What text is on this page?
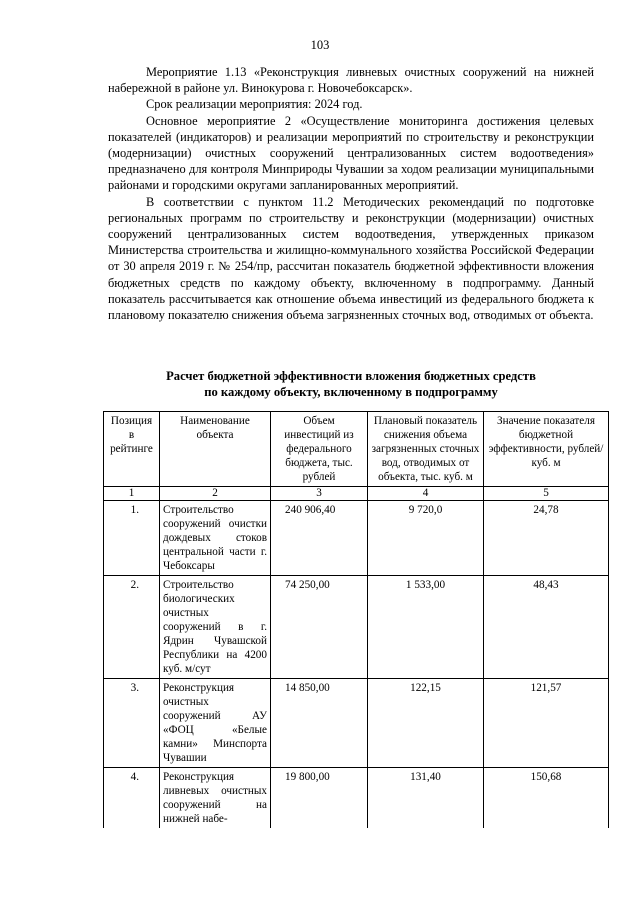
103

Мероприятие 1.13 «Реконструкция ливневых очистных сооружений на нижней набережной в районе ул. Винокурова г. Новочебоксарск».

Срок реализации мероприятия: 2024 год.

Основное мероприятие 2 «Осуществление мониторинга достижения целевых показателей (индикаторов) и реализации мероприятий по строительству и реконструкции (модернизации) очистных сооружений централизованных систем водоотведения» предназначено для контроля Минприроды Чувашии за ходом реализации муниципальными районами и городскими округами запланированных мероприятий.

В соответствии с пунктом 11.2 Методических рекомендаций по подготовке региональных программ по строительству и реконструкции (модернизации) очистных сооружений централизованных систем водоотведения, утвержденных приказом Министерства строительства и жилищно-коммунального хозяйства Российской Федерации от 30 апреля 2019 г. № 254/пр, рассчитан показатель бюджетной эффективности вложения бюджетных средств по каждому объекту, включенному в подпрограмму. Данный показатель рассчитывается как отношение объема инвестиций из федерального бюджета к плановому показателю снижения объема загрязненных сточных вод, отводимых от объекта.

Расчет бюджетной эффективности вложения бюджетных средств
по каждому объекту, включенному в подпрограмму
Позиция в рейтинге	Наименование объекта	Объем инвестиций из федерального бюджета, тыс. рублей	Плановый показатель снижения объема загрязненных сточных вод, отводимых от объекта, тыс. куб. м	Значение показателя бюджетной эффективности, рублей/куб. м
1	2	3	4	5
1.	Строительство сооружений очистки дождевых стоков центральной части г. Чебоксары	240 906,40	9 720,0	24,78
2.	Строительство биологических очистных сооружений в г. Ядрин Чувашской Республики на 4200 куб. м/сут	74 250,00	1 533,00	48,43
3.	Реконструкция очистных сооружений АУ «ФОЦ «Белые камни» Минспорта Чувашии	14 850,00	122,15	121,57
4.	Реконструкция ливневых очистных сооружений на нижней набе-	19 800,00	131,40	150,68
